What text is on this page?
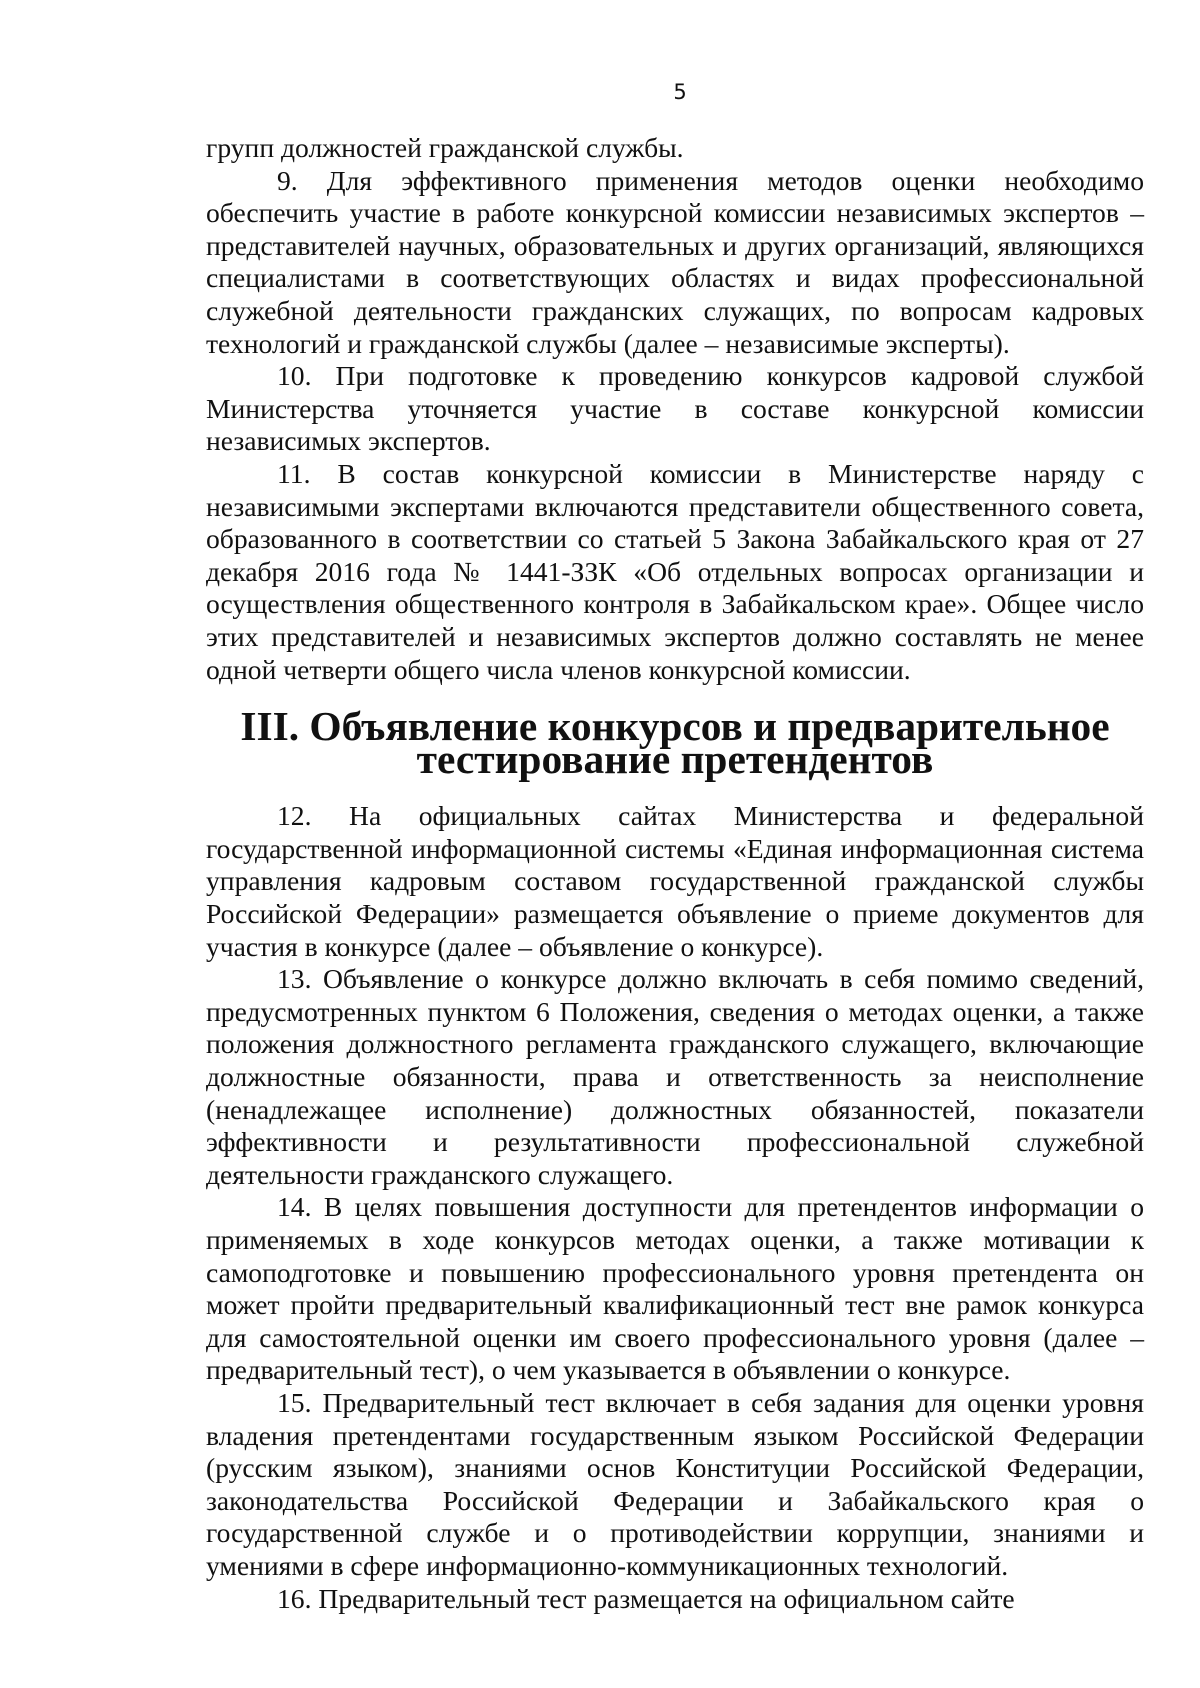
5

групп должностей гражданской службы.

9. Для эффективного применения методов оценки необходимо обеспечить участие в работе конкурсной комиссии независимых экспертов – представителей научных, образовательных и других организаций, являющихся специалистами в соответствующих областях и видах профессиональной служебной деятельности гражданских служащих, по вопросам кадровых технологий и гражданской службы (далее – независимые эксперты).

10. При подготовке к проведению конкурсов кадровой службой Министерства уточняется участие в составе конкурсной комиссии независимых экспертов.

11. В состав конкурсной комиссии в Министерстве наряду с независимыми экспертами включаются представители общественного совета, образованного в соответствии со статьей 5 Закона Забайкальского края от 27 декабря 2016 года № 1441-ЗЗК «Об отдельных вопросах организации и осуществления общественного контроля в Забайкальском крае». Общее число этих представителей и независимых экспертов должно составлять не менее одной четверти общего числа членов конкурсной комиссии.

III. Объявление конкурсов и предварительное
тестирование претендентов

12. На официальных сайтах Министерства и федеральной государственной информационной системы «Единая информационная система управления кадровым составом государственной гражданской службы Российской Федерации» размещается объявление о приеме документов для участия в конкурсе (далее – объявление о конкурсе).

13. Объявление о конкурсе должно включать в себя помимо сведений, предусмотренных пунктом 6 Положения, сведения о методах оценки, а также положения должностного регламента гражданского служащего, включающие должностные обязанности, права и ответственность за неисполнение (ненадлежащее исполнение) должностных обязанностей, показатели эффективности и результативности профессиональной служебной деятельности гражданского служащего.

14. В целях повышения доступности для претендентов информации о применяемых в ходе конкурсов методах оценки, а также мотивации к самоподготовке и повышению профессионального уровня претендента он может пройти предварительный квалификационный тест вне рамок конкурса для самостоятельной оценки им своего профессионального уровня (далее – предварительный тест), о чем указывается в объявлении о конкурсе.

15. Предварительный тест включает в себя задания для оценки уровня владения претендентами государственным языком Российской Федерации (русским языком), знаниями основ Конституции Российской Федерации, законодательства Российской Федерации и Забайкальского края о государственной службе и о противодействии коррупции, знаниями и умениями в сфере информационно-коммуникационных технологий.

16. Предварительный тест размещается на официальном сайте
